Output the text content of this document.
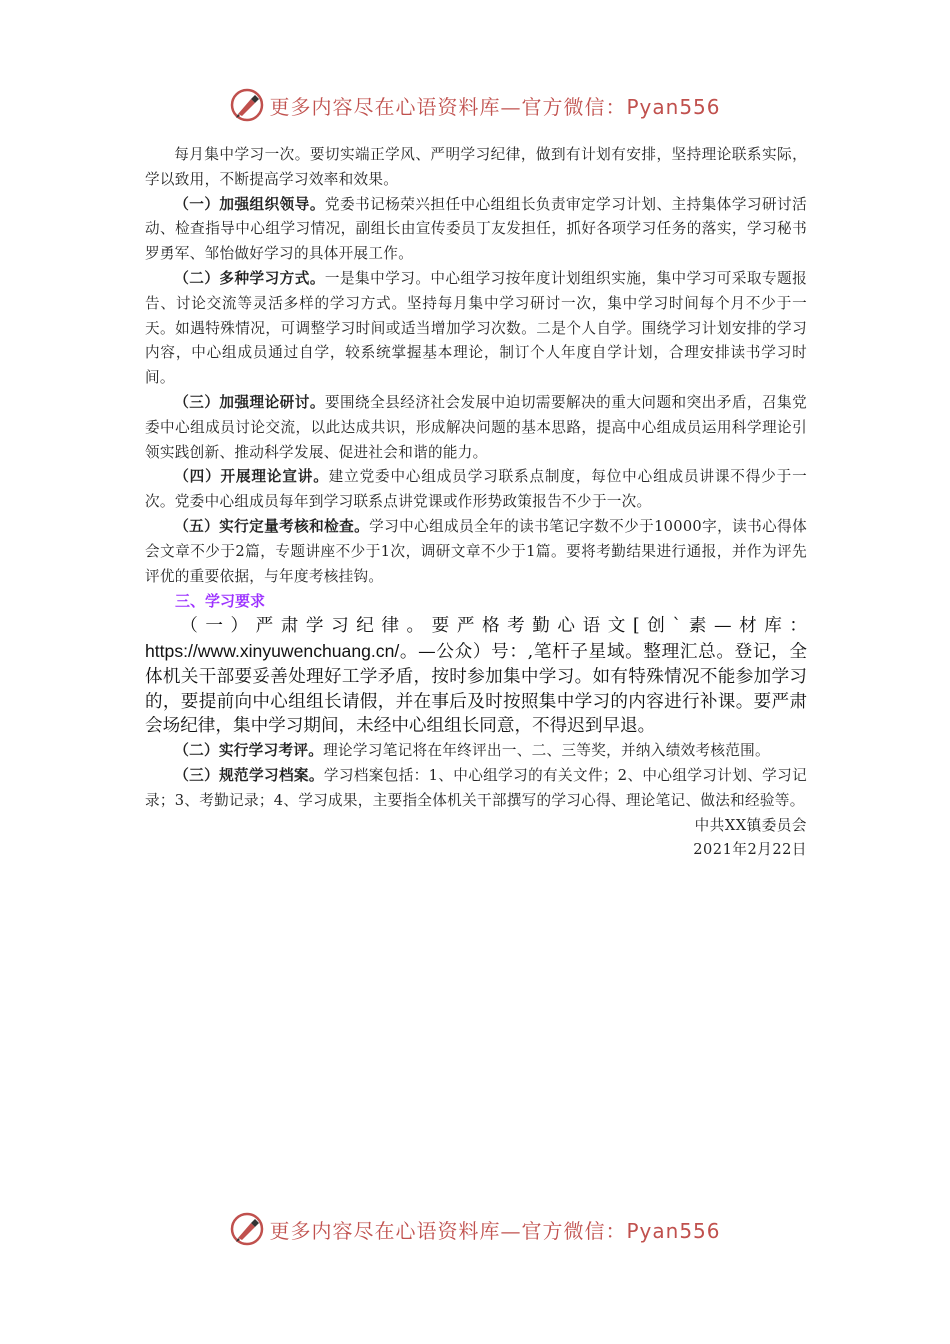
更多内容尽在心语资料库—官方微信：Pyan556

每月集中学习一次。要切实端正学风、严明学习纪律，做到有计划有安排，坚持理论联系实际，学以致用，不断提高学习效率和效果。

（一）加强组织领导。党委书记杨荣兴担任中心组组长负责审定学习计划、主持集体学习研讨活动、检查指导中心组学习情况，副组长由宣传委员丁友发担任，抓好各项学习任务的落实，学习秘书罗勇军、邹怡做好学习的具体开展工作。

（二）多种学习方式。一是集中学习。中心组学习按年度计划组织实施，集中学习可采取专题报告、讨论交流等灵活多样的学习方式。坚持每月集中学习研讨一次，集中学习时间每个月不少于一天。如遇特殊情况，可调整学习时间或适当增加学习次数。二是个人自学。围绕学习计划安排的学习内容，中心组成员通过自学，较系统掌握基本理论，制订个人年度自学计划，合理安排读书学习时间。

（三）加强理论研讨。要围绕全县经济社会发展中迫切需要解决的重大问题和突出矛盾，召集党委中心组成员讨论交流，以此达成共识，形成解决问题的基本思路，提高中心组成员运用科学理论引领实践创新、推动科学发展、促进社会和谐的能力。

（四）开展理论宣讲。建立党委中心组成员学习联系点制度，每位中心组成员讲课不得少于一次。党委中心组成员每年到学习联系点讲党课或作形势政策报告不少于一次。

（五）实行定量考核和检查。学习中心组成员全年的读书笔记字数不少于10000字，读书心得体会文章不少于2篇，专题讲座不少于1次，调研文章不少于1篇。要将考勤结果进行通报，并作为评先评优的重要依据，与年度考核挂钩。

三、学习要求

（一）严肃学习纪律。要严格考勤心语文[创`素—材库：https://www.xinyuwenchuang.cn/。—公众）号：,笔杆子星域。整理汇总。登记，全体机关干部要妥善处理好工学矛盾，按时参加集中学习。如有特殊情况不能参加学习的，要提前向中心组组长请假，并在事后及时按照集中学习的内容进行补课。要严肃会场纪律，集中学习期间，未经中心组组长同意，不得迟到早退。

（二）实行学习考评。理论学习笔记将在年终评出一、二、三等奖，并纳入绩效考核范围。

（三）规范学习档案。学习档案包括：1、中心组学习的有关文件；2、中心组学习计划、学习记录；3、考勤记录；4、学习成果，主要指全体机关干部撰写的学习心得、理论笔记、做法和经验等。

中共XX镇委员会

2021年2月22日

更多内容尽在心语资料库—官方微信：Pyan556
